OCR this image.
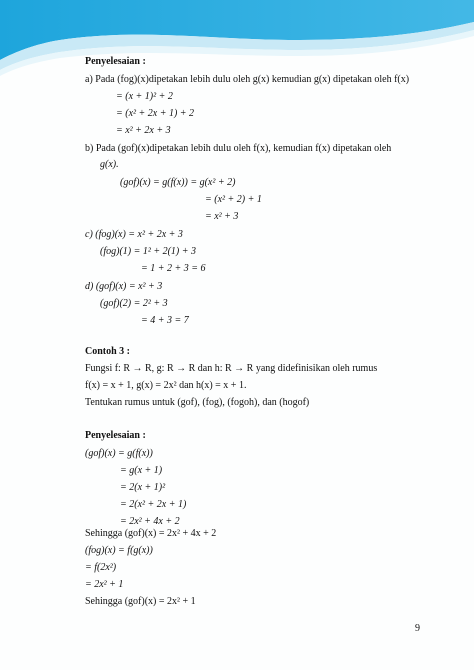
Penyelesaian :
a) Pada (fog)(x)dipetakan lebih dulu oleh g(x) kemudian g(x) dipetakan oleh f(x)
= (x + 1)² + 2
= (x² + 2x + 1) + 2
= x² + 2x + 3
b) Pada (gof)(x)dipetakan lebih dulu oleh f(x), kemudian f(x) dipetakan oleh
g(x).
(gof)(x) = g(f(x)) = g(x² + 2)
= (x² + 2) + 1
= x² + 3
c) (fog)(x) = x² + 2x + 3
(fog)(1) = 1² + 2(1) + 3
= 1 + 2 + 3 = 6
d) (gof)(x) = x² + 3
(gof)(2) = 2² + 3
= 4 + 3 = 7
Contoh 3 :
Fungsi f: R → R, g: R → R dan h: R → R yang didefinisikan oleh rumus
f(x) = x + 1, g(x) = 2x² dan h(x) = x + 1.
Tentukan rumus untuk (gof), (fog), (fogoh), dan (hogof)
Penyelesaian :
(gof)(x) = g(f(x))
= g(x + 1)
= 2(x + 1)²
= 2(x² + 2x + 1)
= 2x² + 4x + 2
Sehingga (gof)(x) = 2x² + 4x + 2
(fog)(x) = f(g(x))
= f(2x²)
= 2x² + 1
Sehingga (gof)(x) = 2x² + 1
9
